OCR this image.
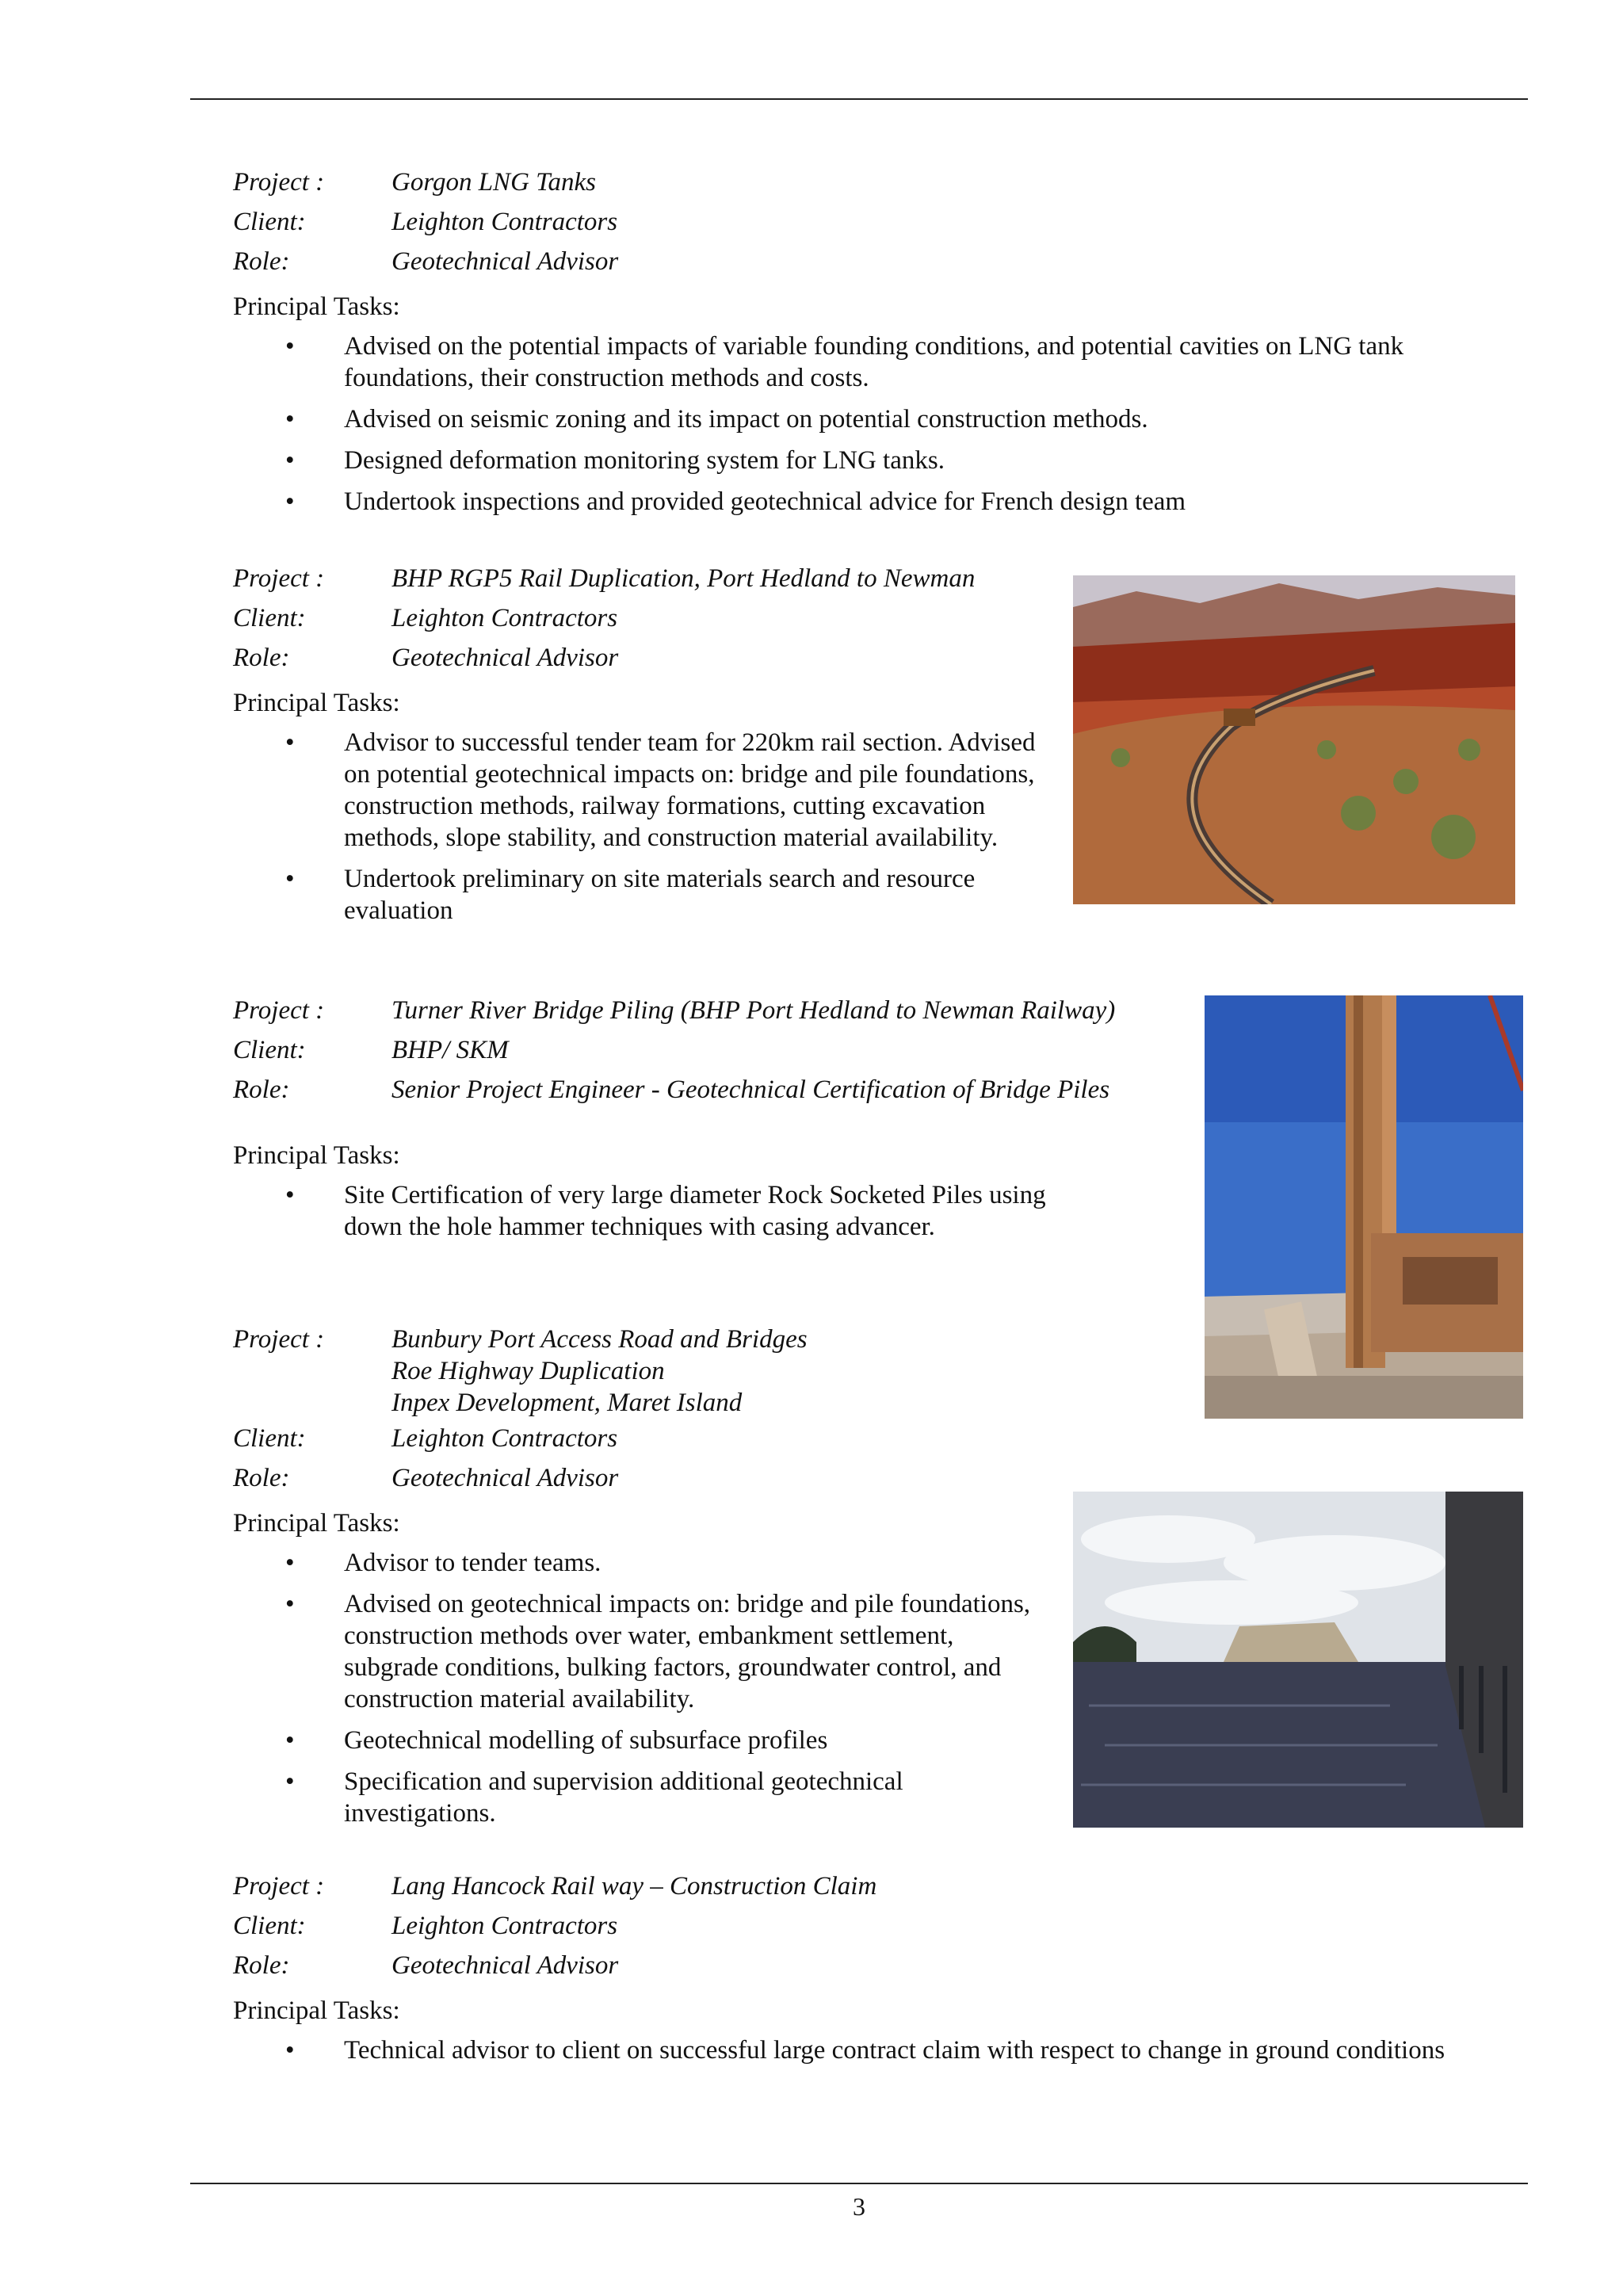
Project :	Gorgon LNG Tanks
Client:	Leighton Contractors
Role:	Geotechnical Advisor
Principal Tasks:
• Advised on the potential impacts of variable founding conditions, and potential cavities on LNG tank foundations, their construction methods and costs.
• Advised on seismic zoning and its impact on potential construction methods.
• Designed deformation monitoring system for LNG tanks.
• Undertook inspections and provided geotechnical advice for French design team
Project :	BHP RGP5 Rail Duplication, Port Hedland to Newman
Client:	Leighton Contractors
Role:	Geotechnical Advisor
Principal Tasks:
• Advisor to successful tender team for 220km rail section. Advised on potential geotechnical impacts on: bridge and pile foundations, construction methods, railway formations, cutting excavation methods, slope stability, and construction material availability.
• Undertook preliminary on site materials search and resource evaluation
Project :	Turner River Bridge Piling (BHP Port Hedland to Newman Railway)
Client:	BHP/ SKM
Role:	Senior Project Engineer - Geotechnical Certification of Bridge Piles
Principal Tasks:
• Site Certification of very large diameter Rock Socketed Piles using down the hole hammer techniques with casing advancer.
Project :	Bunbury Port Access Road and Bridges
Roe Highway Duplication
Inpex Development, Maret Island
Client:	Leighton Contractors
Role:	Geotechnical Advisor
Principal Tasks:
• Advisor to tender teams.
• Advised on geotechnical impacts on: bridge and pile foundations, construction methods over water, embankment settlement, subgrade conditions, bulking factors, groundwater control, and construction material availability.
• Geotechnical modelling of subsurface profiles
• Specification and supervision additional geotechnical investigations.
Project :	Lang Hancock Rail way – Construction Claim
Client:	Leighton Contractors
Role:	Geotechnical Advisor
Principal Tasks:
• Technical advisor to client on successful large contract claim with respect to change in ground conditions
3
